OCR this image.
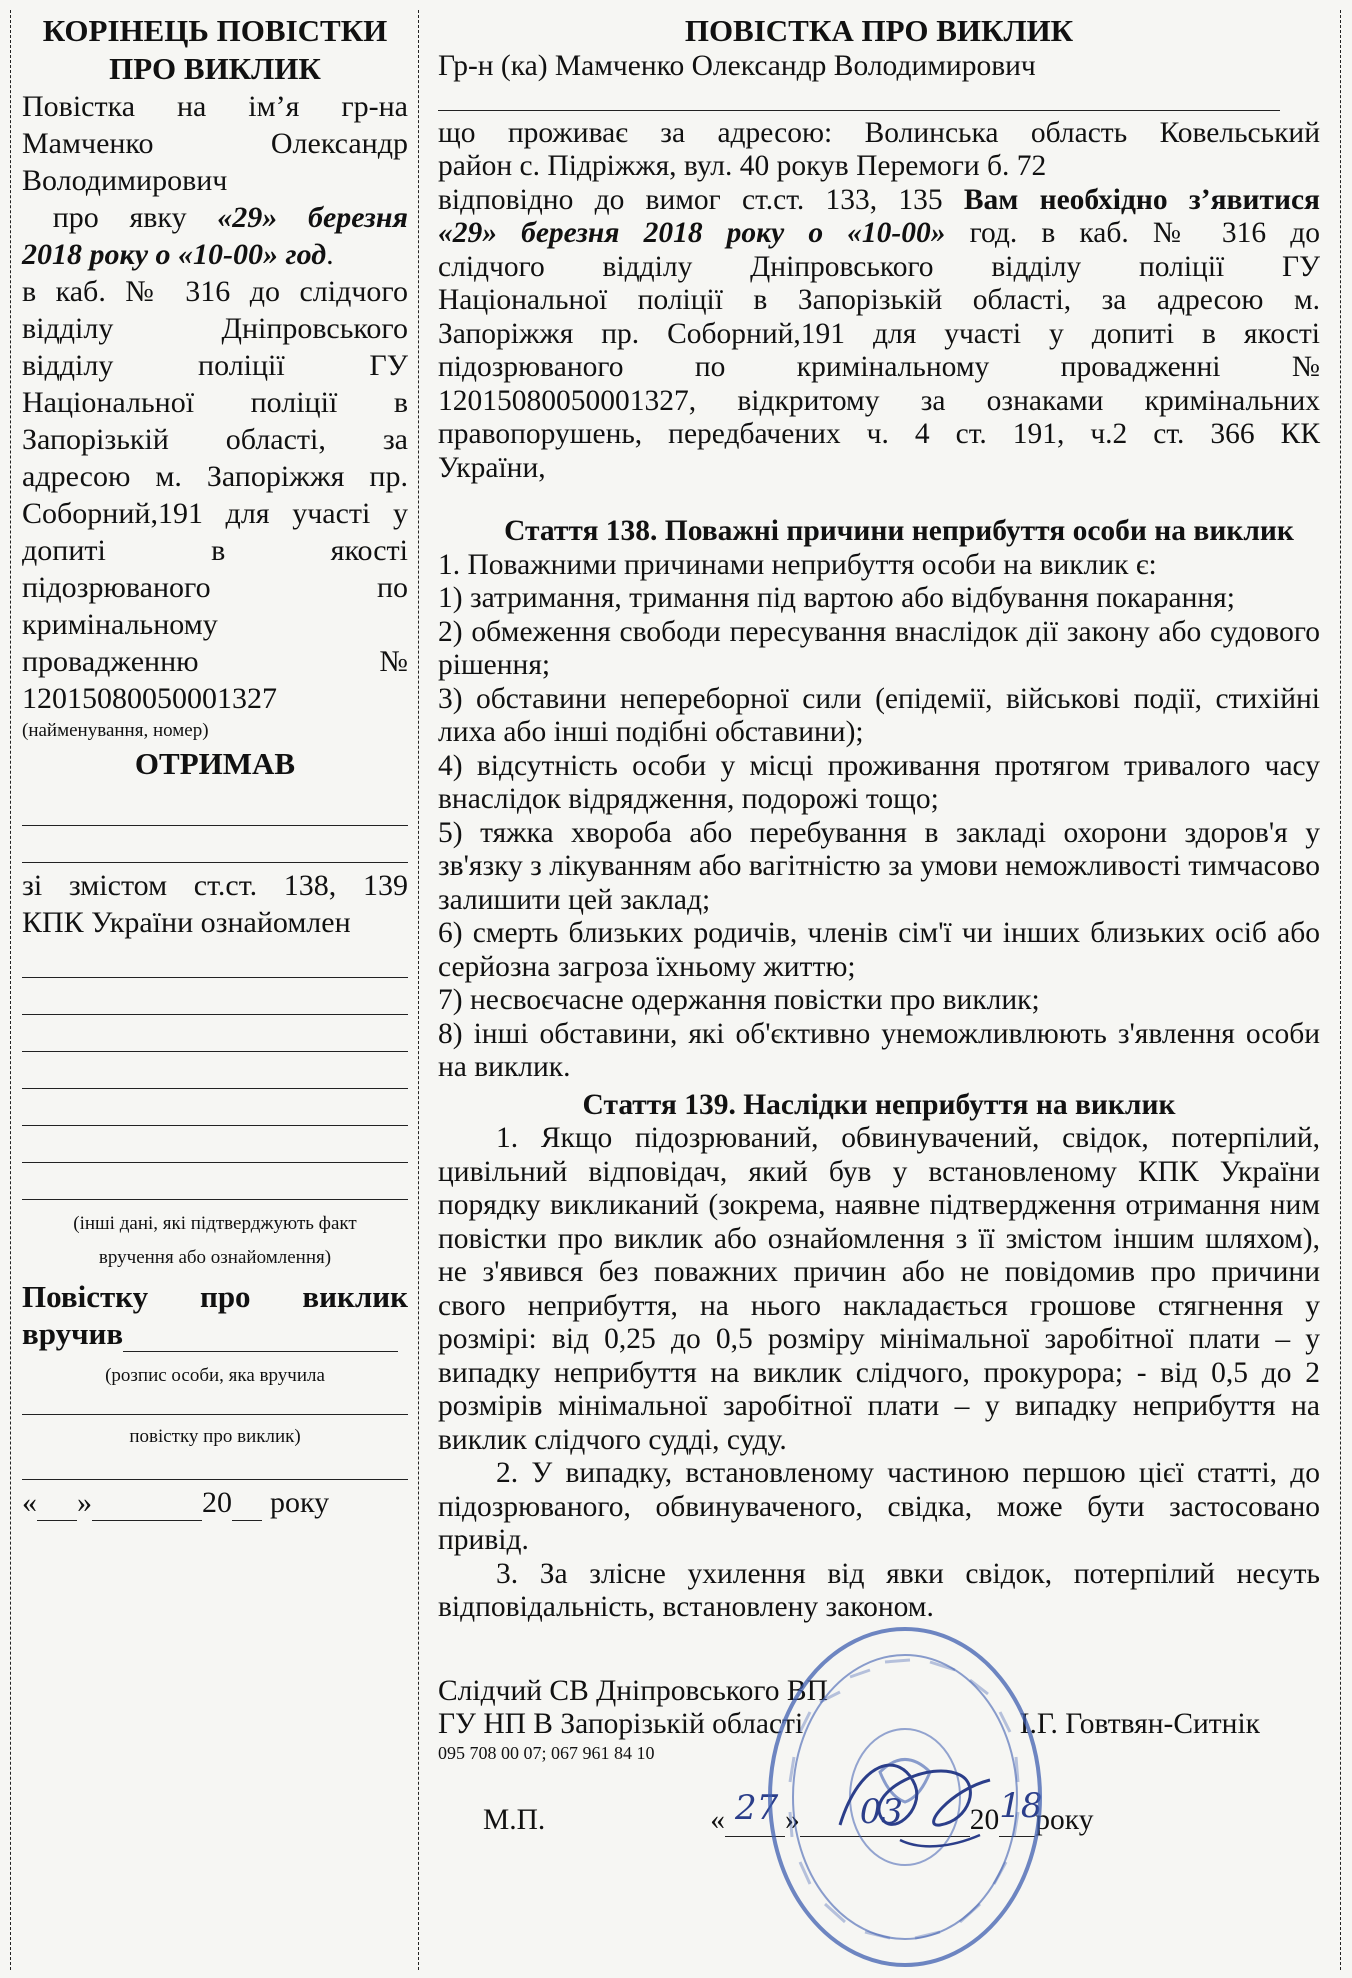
КОРІНЕЦЬ ПОВІСТКИ ПРО ВИКЛИК
Повістка на ім’я гр-на
Мамченко Олександр
Володимирович
про явку «29» березня
2018 року о «10-00» год.
в каб. № 316 до слідчого
відділу Дніпровського
відділу поліції ГУ
Національної поліції в
Запорізькій області, за
адресою м. Запоріжжя пр.
Соборний,191 для участі у
допиті в якості
підозрюваного по
кримінальному
провадженню №
12015080050001327
(найменування, номер)
ОТРИМАВ
зі змістом ст.ст. 138, 139
КПК України ознайомлен
(інші дані, які підтверджують факт
вручення або ознайомлення)
Повістку про виклик
вручив
(розпис особи, яка вручила
повістку про виклик)
« »	20 року
ПОВІСТКА ПРО ВИКЛИК

Гр-н (ка) Мамченко Олександр Володимирович

що проживає за адресою: Волинська область Ковельський

район с. Підріжжя, вул. 40 рокув Перемоги б. 72

відповідно до вимог ст.ст. 133, 135 Вам необхідно з’явитися

«29» березня 2018 року о «10-00» год. в каб. № 316 до

слідчого відділу Дніпровського відділу поліції ГУ

Національної поліції в Запорізькій області, за адресою м.

Запоріжжя пр. Соборний,191 для участі у допиті в якості

підозрюваного по кримінальному провадженні №

12015080050001327, відкритому за ознаками кримінальних

правопорушень, передбачених ч. 4 ст. 191, ч.2 ст. 366 КК

України,

Стаття 138. Поважні причини неприбуття особи на виклик

1. Поважними причинами неприбуття особи на виклик є:

1) затримання, тримання під вартою або відбування покарання;

2) обмеження свободи пересування внаслідок дії закону або судового рішення;

3) обставини непереборної сили (епідемії, військові події, стихійні лиха або інші подібні обставини);

4) відсутність особи у місці проживання протягом тривалого часу внаслідок відрядження, подорожі тощо;

5) тяжка хвороба або перебування в закладі охорони здоров'я у зв'язку з лікуванням або вагітністю за умови неможливості тимчасово залишити цей заклад;

6) смерть близьких родичів, членів сім'ї чи інших близьких осіб або серйозна загроза їхньому життю;

7) несвоєчасне одержання повістки про виклик;

8) інші обставини, які об'єктивно унеможливлюють з'явлення особи на виклик.

Стаття 139. Наслідки неприбуття на виклик

1. Якщо підозрюваний, обвинувачений, свідок, потерпілий, цивільний відповідач, який був у встановленому КПК України порядку викликаний (зокрема, наявне підтвердження отримання ним повістки про виклик або ознайомлення з її змістом іншим шляхом), не з'явився без поважних причин або не повідомив про причини свого неприбуття, на нього накладається грошове стягнення у розмірі: від 0,25 до 0,5 розміру мінімальної заробітної плати – у випадку неприбуття на виклик слідчого, прокурора; - від 0,5 до 2 розмірів мінімальної заробітної плати – у випадку неприбуття на виклик слідчого судді, суду.

2. У випадку, встановленому частиною першою цієї статті, до підозрюваного, обвинуваченого, свідка, може бути застосовано привід.

3. За злісне ухилення від явки свідок, потерпілий несуть відповідальність, встановлену законом.

Слідчий СВ Дніпровського ВП

ГУ НП В Запорізькій області	І.Г. Говтвян-Ситнік

095 708 00 07; 067 961 84 10

М.П.	« 27 » 03 20 18
року
